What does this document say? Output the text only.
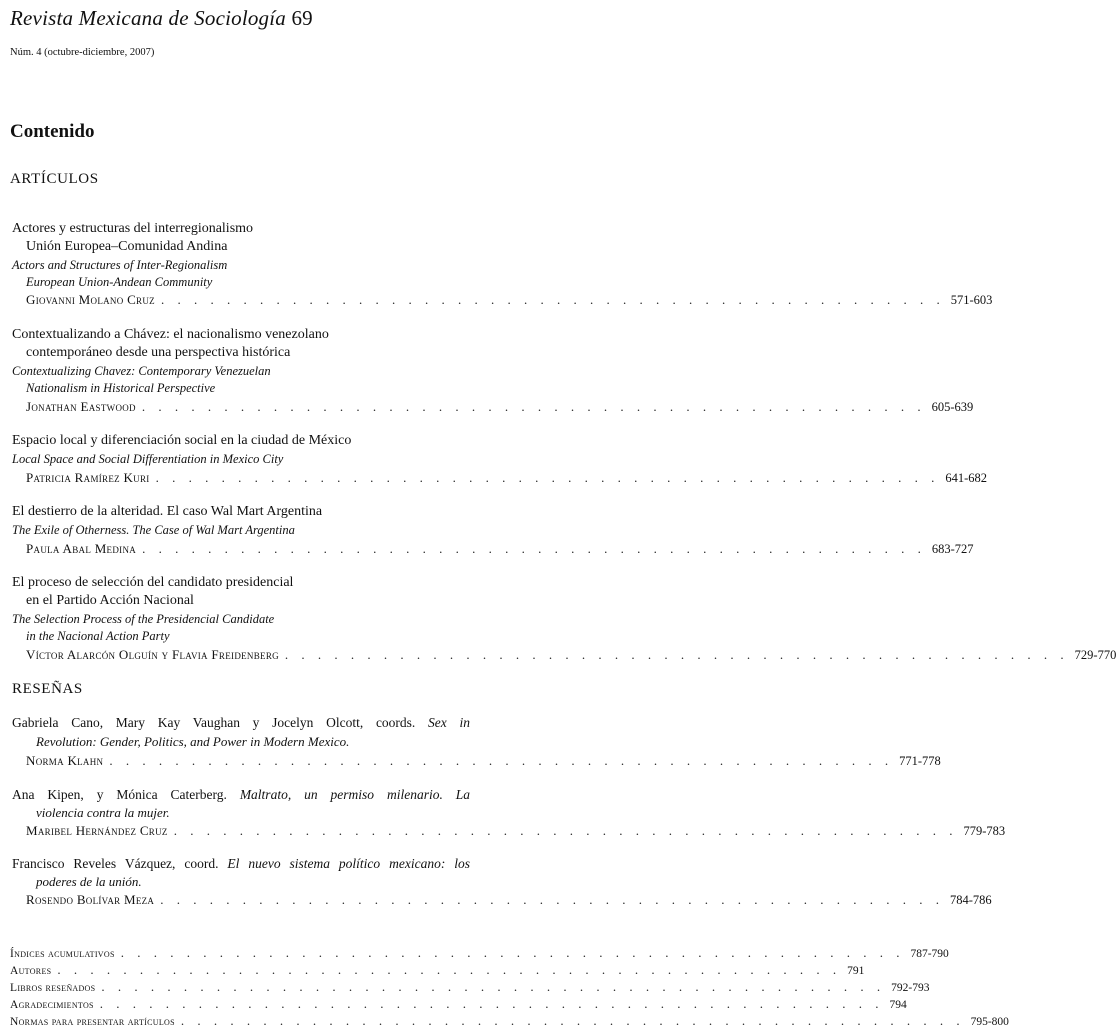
Revista Mexicana de Sociología 69
Núm. 4 (octubre-diciembre, 2007)
Contenido
ARTÍCULOS
Actores y estructuras del interregionalismo
Unión Europea–Comunidad Andina
Actors and Structures of Inter-Regionalism
European Union-Andean Community
Giovanni Molano Cruz . . . . . . . . . . . . . . . . . . . . . . . . . . . . . . . . . . . . . . . . . . . . . . . . 571-603
Contextualizando a Chávez: el nacionalismo venezolano
contemporáneo desde una perspectiva histórica
Contextualizing Chavez: Contemporary Venezuelan
Nationalism in Historical Perspective
Jonathan Eastwood . . . . . . . . . . . . . . . . . . . . . . . . . . . . . . . . . . . . . . . . . . . . . . . . 605-639
Espacio local y diferenciación social en la ciudad de México
Local Space and Social Differentiation in Mexico City
Patricia Ramírez Kuri . . . . . . . . . . . . . . . . . . . . . . . . . . . . . . . . . . . . . . . . . . . . . . . . 641-682
El destierro de la alteridad. El caso Wal Mart Argentina
The Exile of Otherness. The Case of Wal Mart Argentina
Paula Abal Medina . . . . . . . . . . . . . . . . . . . . . . . . . . . . . . . . . . . . . . . . . . . . . . . . 683-727
El proceso de selección del candidato presidencial
en el Partido Acción Nacional
The Selection Process of the Presidencial Candidate
in the Nacional Action Party
Víctor Alarcón Olguín y Flavia Freidenberg . . . . . . . . . . . . . . . . . . . . . . . . . . . . . . . . . . . . . . . . . . . . . . . . 729-770
RESEÑAS
Gabriela Cano, Mary Kay Vaughan y Jocelyn Olcott, coords. Sex in
Revolution: Gender, Politics, and Power in Modern Mexico.
Norma Klahn . . . . . . . . . . . . . . . . . . . . . . . . . . . . . . . . . . . . . . . . . . . . . . . . 771-778
Ana Kipen, y Mónica Caterberg. Maltrato, un permiso milenario. La
violencia contra la mujer.
Maribel Hernández Cruz . . . . . . . . . . . . . . . . . . . . . . . . . . . . . . . . . . . . . . . . . . . . . . . . 779-783
Francisco Reveles Vázquez, coord. El nuevo sistema político mexicano: los
poderes de la unión.
Rosendo Bolívar Meza . . . . . . . . . . . . . . . . . . . . . . . . . . . . . . . . . . . . . . . . . . . . . . . . 784-786
Índices acumulativos . . . . . . . . . . . . . . . . . . . . . . . . . . . . . . . . . . . . . . . . . . . . . . . . 787-790
Autores . . . . . . . . . . . . . . . . . . . . . . . . . . . . . . . . . . . . . . . . . . . . . . . . 791
Libros reseñados . . . . . . . . . . . . . . . . . . . . . . . . . . . . . . . . . . . . . . . . . . . . . . . . 792-793
Agradecimientos . . . . . . . . . . . . . . . . . . . . . . . . . . . . . . . . . . . . . . . . . . . . . . . . 794
Normas para presentar artículos . . . . . . . . . . . . . . . . . . . . . . . . . . . . . . . . . . . . . . . . . . . . . . . . 795-800
